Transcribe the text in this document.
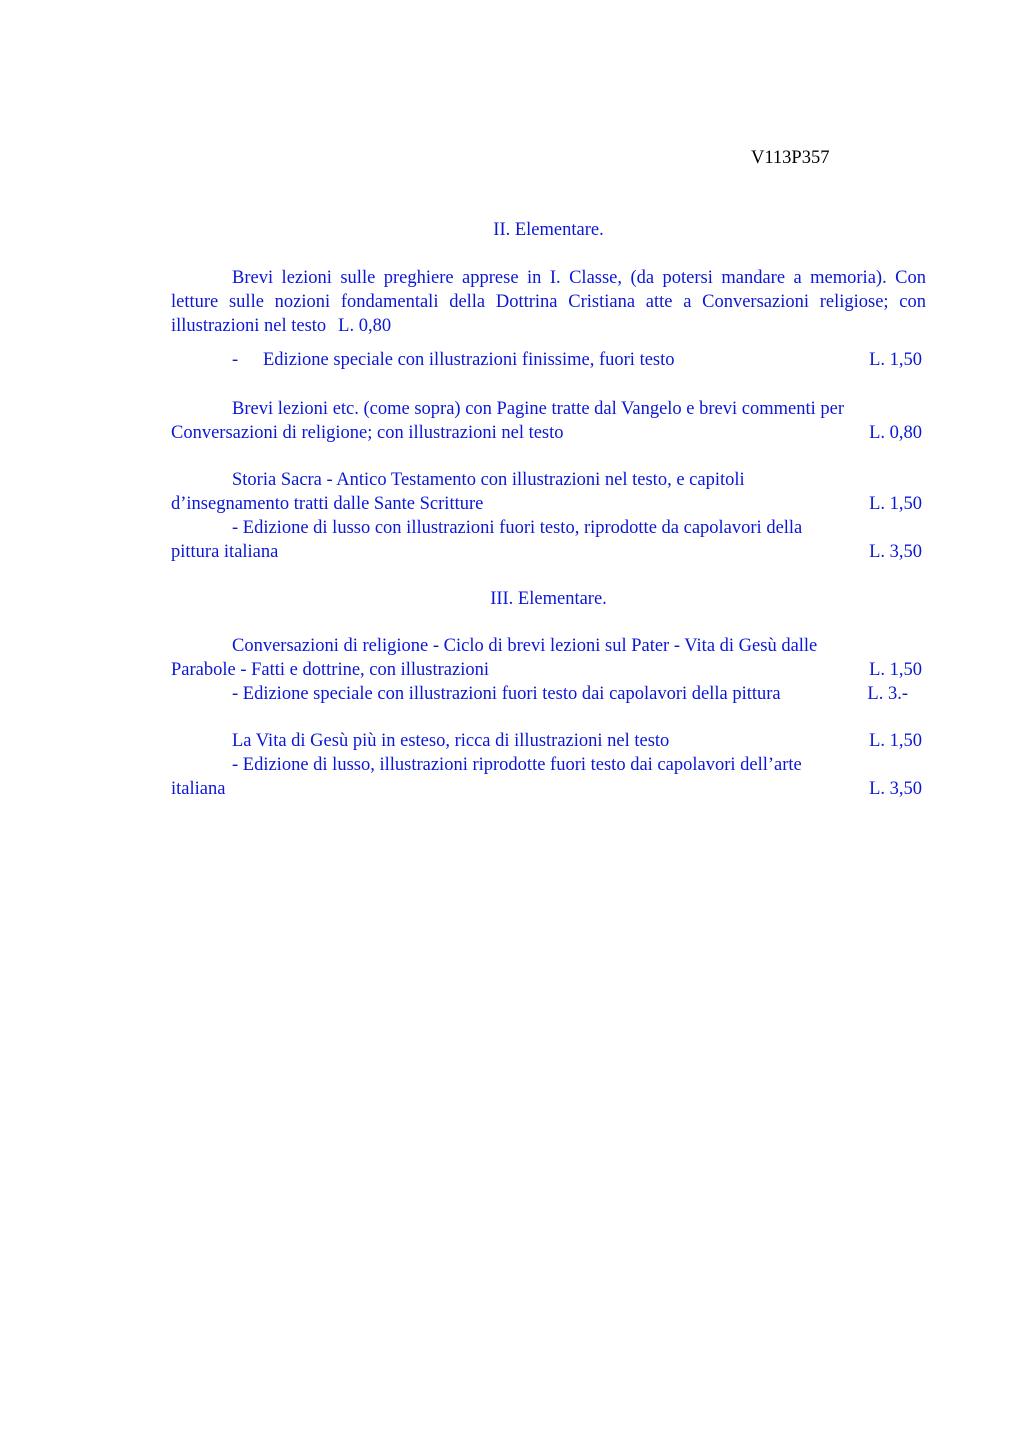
V113P357
II. Elementare.
Brevi lezioni sulle preghiere apprese in I. Classe, (da potersi mandare a memoria). Con letture sulle nozioni fondamentali della Dottrina Cristiana atte a Conversazioni religiose; con illustrazioni nel testo L. 0,80
- Edizione speciale con illustrazioni finissime, fuori testo	L. 1,50
Brevi lezioni etc. (come sopra) con Pagine tratte dal Vangelo e brevi commenti per
Conversazioni di religione; con illustrazioni nel testo	L. 0,80
Storia Sacra - Antico Testamento con illustrazioni nel testo, e capitoli
d’insegnamento tratti dalle Sante Scritture	L. 1,50
- Edizione di lusso con illustrazioni fuori testo, riprodotte da capolavori della
pittura italiana	L. 3,50
III. Elementare.
Conversazioni di religione - Ciclo di brevi lezioni sul Pater - Vita di Gesù dalle
Parabole - Fatti e dottrine, con illustrazioni	L. 1,50
- Edizione speciale con illustrazioni fuori testo dai capolavori della pittura	L. 3.-
La Vita di Gesù più in esteso, ricca di illustrazioni nel testo	L. 1,50
- Edizione di lusso, illustrazioni riprodotte fuori testo dai capolavori dell’arte
italiana	L. 3,50
